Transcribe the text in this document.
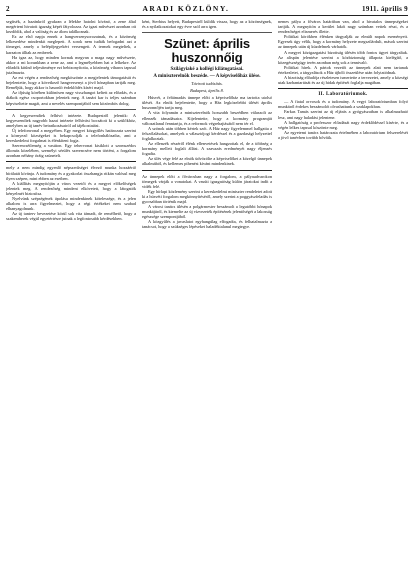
2	ARADI KÖZLÖNY.	1911. április 9

segítsék, a hazánkról gyakran a lélekbe hatolni kívánó, a zene által megérteni hivatott igazság képét fátyolozza. Az igazi művészet azonban ott kezdődik, ahol a valóság és az álom találkoznak.

Ez az első napja ennek a hangversenysorozatnak, és a közönség lelkesedése mindenkit meglepett. A sorok nem tudták befogadni azt a tömeget, amely a belépőjegyekért versengett. A termek megteltek, a karzaton álltak az emberek.

Ha igaz az, hogy minden kornak megvan a maga nagy művészete, akkor a mi korunkban a zene az, ami a legmélyebben hat a lelkekre. Az előadók kitűnő teljesítménye ezt bebizonyította, a közönség viharos tapssal jutalmazta.

Az est végén a rendezőség megköszönte a megjelentek támogatását és bejelentette, hogy a következő hangversenyt a jövő hónapban tartják meg. Reméljük, hogy akkor is hasonló érdeklődés kíséri majd.

Az ifjúság körében különösen nagy visszhangot keltett az előadás, és a diákok egész csoportokban jelentek meg. A tanári kar is teljes számban képviseltette magát, ami a nevelés szempontjából sem közömbös dolog.

A kegyesrendiek felhívó intézete. Budapestről jelentik: A kegyesrendiek nagyobb hazai intézete felhívást bocsátott ki a szülőkhöz, amelyben az új tanév beiratkozásairól ad tájékoztatást.

Új telefonvonal a megyében. Egy megyei közgyűlés határozata szerint a környező községeket is bekapcsolják a telefonhálózatba, ami a kereskedelmi forgalmat is élénkíteni fogja.

Szerencsétlenség a vasúton. Egy tehervonat kisiklott a szomszédos állomás közelében, személyi sérülés szerencsére nem történt, a forgalom azonban néhány óráig szünetelt.

mely a nem mindig egyenlő népszerűséget élvező munka hozzáértő bírálatát kívánja. A tudomány és a gyakorlat összhangja ritkán valósul meg ilyen szépen, mint ebben az esetben.

A kiállítás megnyitóján a város vezetői és a megyei előkelőségek jelentek meg. A rendezőség mindent elkövetett, hogy a látogatók kényelmét biztosítsa.

Nyelvünk szépségének ápolása mindenkinek kötelessége, és a jelen alkalom is arra figyelmeztet, hogy a régi értékeket nem szabad elhanyagolnunk.

Az új tanterv bevezetése körül sok vita támadt, de remélhető, hogy a szakemberek végül egyetértésre jutnak a legfontosabb kérdésekben.

ként, Sterbius helyett, Budapestről küldik vissza, hogy az a közönségnek, és a nyilatkozatokat egy évre szól arra igen.

Szünet: április huszonnőig
Szilágyiaké a kollégi kilátogatásai.
A miniszterelnök beszéde. — A képviselőház ülése.
Távirati tudósítás.
Budapest, április 8.

Húsvét, a feltámadás ünnepe előtt a képviselőház ma tartotta utolsó ülését. Az elnök bejelentette, hogy a Ház legközelebbi ülését április huszonnőjén tartja meg.

A vita folyamán a miniszterelnök hosszabb beszédben válaszolt az ellenzék támadásaira. Kijelentette, hogy a kormány programját változatlanul fenntartja, és a reformok végrehajtásától nem tér el.

A szónok után többen kértek szót. A Ház nagy figyelemmel hallgatta a felszólalásokat, amelyek a választójogi kérdéssel és a gazdasági helyzettel foglalkoztak.

Az ellenzék részéről élénk ellenvetések hangzottak el, de a többség a kormány mellett foglalt állást. A szavazás eredményét nagy éljenzés fogadta.

Az ülés vége felé az elnök üdvözölte a képviselőket a közelgő ünnepek alkalmából, és kellemes pihenést kívánt mindenkinek.

Az ünnepek előtt a fővárosban nagy a forgalom, a pályaudvarokon tömegek várják a vonatokat. A vasúti igazgatóság külön járatokat indít a vidék felé.

Egy hírlapi közlemény szerint a kereskedelmi miniszter rendeletet adott ki a húsvéti forgalom megkönnyítéséről, amely szerint a poggyászfeladás is gyorsabban történik majd.

A városi tanács ülésén a polgármester beszámolt a legutóbbi hónapok munkájáról, és kiemelte az új vízvezeték építésének jelentőségét a lakosság egészsége szempontjából.

A közgyűlés a javaslatot egyhangúlag elfogadta, és felhatalmazta a tanácsot, hogy a szükséges lépéseket haladéktalanul megtegye.

nemes pálya a főváros határában van, ahol a hivatalos ünnepségeket tartják. A megnyitón a kerület lakói nagy számban vettek részt, és a rendezőséget elismerés illette.

Politikai körökben élénken tárgyalják az elmúlt napok eseményeit. Egyesek úgy vélik, hogy a kormány helyzete megszilárdult, mások szerint az ünnepek után új küzdelmek várhatók.

A megyei közigazgatási bizottság ülésén több fontos ügyet tárgyaltak. Az alispán jelentése szerint a közbiztonság állapota kielégítő, a közegészségügy terén azonban még sok a tennivaló.

Politikai hírek. A pártok vezetői az ünnepek alatt nem tartanak értekezletet, a tárgyalások a Ház újbóli összeülése után folytatódnak.

A bizottság előadója részletesen ismertette a tervezetet, amely a községi utak karbantartását és az új hidak építését foglalja magában.

II. Laboratóriumok.

— A fiatal orvosok és a tudomány. A vegyi laboratóriumban folyó munkáról érdekes beszámolót olvashattunk a szaklapokban.

Farkas Tamás szerint az új eljárás a gyógyászatban is alkalmazható lesz, ami nagy haladást jelentene.

A hallgatóság a professzor előadását nagy érdeklődéssel kísérte, és a végén lelkes tapssal köszönte meg.

Az egyetemi tanács határozata értelmében a laboratórium felszerelését a jövő tanévben tovább bővítik.
